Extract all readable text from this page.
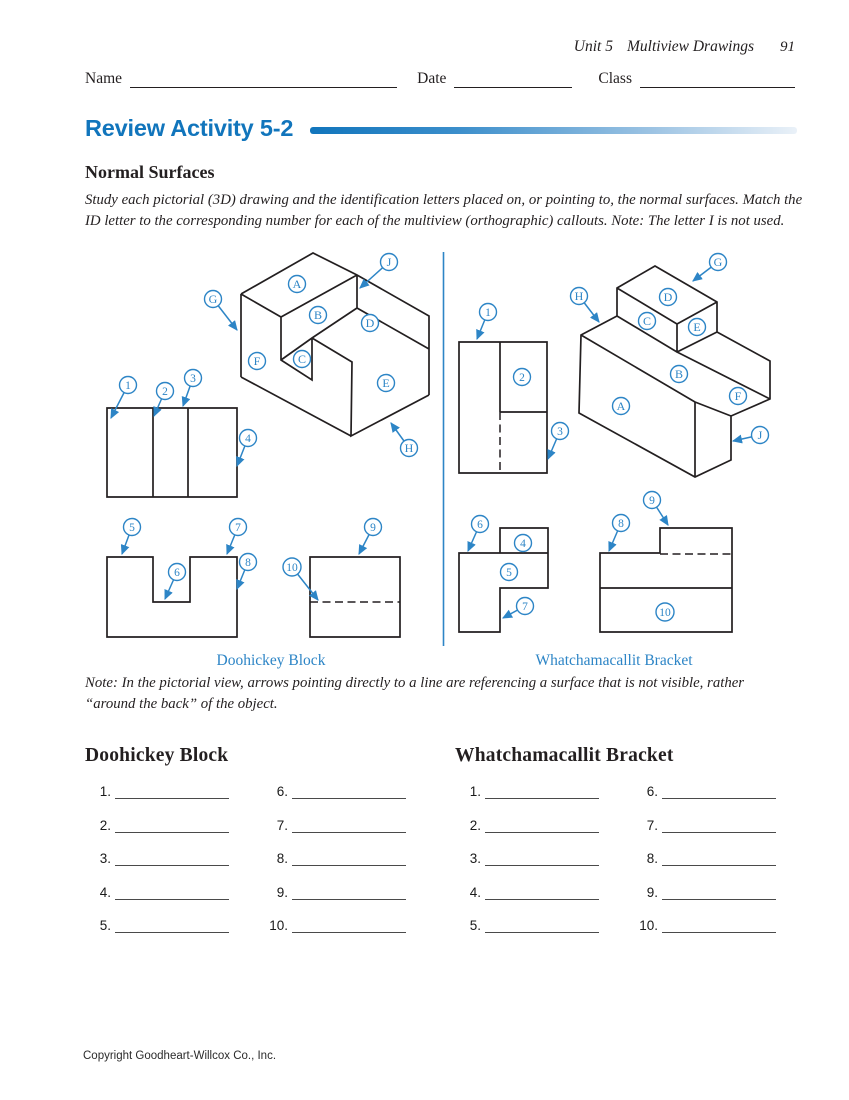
Unit 5 Multiview Drawings 91
Name	Date	Class
Review Activity 5-2
Normal Surfaces
Study each pictorial (3D) drawing and the identification letters placed on, or pointing to, the normal surfaces. Match the ID letter to the corresponding number for each of the multiview (orthographic) callouts. Note: The letter I is not used.
A
B
C
D
E
F
G
H
J
1	2
3
4
5
6
7
8
9
10
Doohickey Block
A
B
C
D
E
F
G
H
J
1
2
3
4
5
6
7
8
9
10
Whatchamacallit Bracket
Note: In the pictorial view, arrows pointing directly to a line are referencing a surface that is not visible, rather “around the back” of the object.
Doohickey Block
1.
2.
3.
4.
5.
6.
7.
8.
9.
10.
Whatchamacallit Bracket
1.
2.
3.
4.
5.
6.
7.
8.
9.
10.
Copyright Goodheart-Willcox Co., Inc.
